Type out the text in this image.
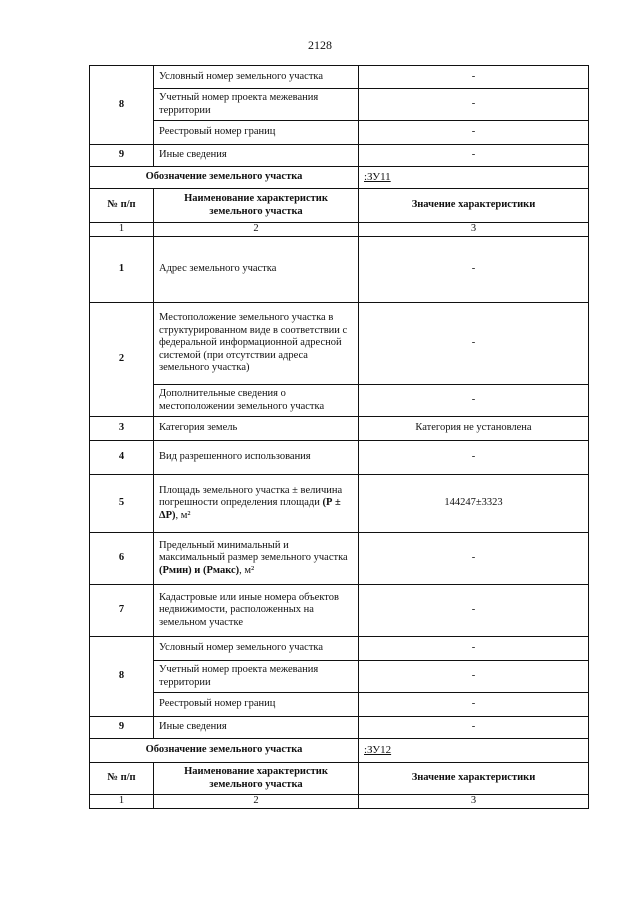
2128
8	Условный номер земельного участка	-
	Учетный номер проекта межевания территории	-
	Реестровый номер границ	-
9	Иные сведения	-
Обозначение земельного участка		:ЗУ11
№ п/п	Наименование характеристик земельного участка	Значение характеристики
1	2	3
1	Адрес земельного участка	-
2	Местоположение земельного участка в структурированном виде в соответствии с федеральной информационной адресной системой (при отсутствии адреса земельного участка)	-
	Дополнительные сведения о местоположении земельного участка	-
3	Категория земель	Категория не установлена
4	Вид разрешенного использования	-
5	Площадь земельного участка ± величина погрешности определения площади (Р ± ΔР), м²	144247±3323
6	Предельный минимальный и максимальный размер земельного участка (Рмин) и (Рмакс), м²	-
7	Кадастровые или иные номера объектов недвижимости, расположенных на земельном участке	-
8	Условный номер земельного участка	-
	Учетный номер проекта межевания территории	-
	Реестровый номер границ	-
9	Иные сведения	-
Обозначение земельного участка		:ЗУ12
№ п/п	Наименование характеристик земельного участка	Значение характеристики
1	2	3
